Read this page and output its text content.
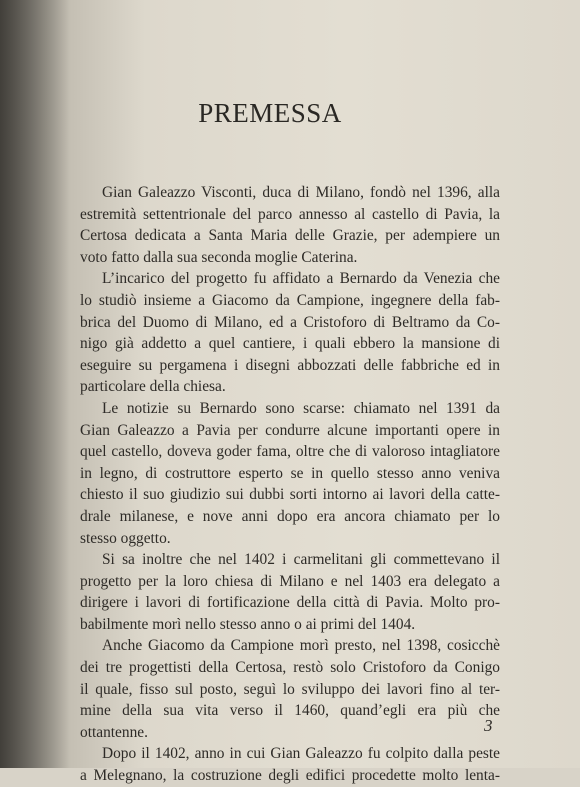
PREMESSA
Gian Galeazzo Visconti, duca di Milano, fondò nel 1396, alla
estremità settentrionale del parco annesso al castello di Pavia, la
Certosa dedicata a Santa Maria delle Grazie, per adempiere un
voto fatto dalla sua seconda moglie Caterina.
L’incarico del progetto fu affidato a Bernardo da Venezia che
lo studiò insieme a Giacomo da Campione, ingegnere della fab-
brica del Duomo di Milano, ed a Cristoforo di Beltramo da Co-
nigo già addetto a quel cantiere, i quali ebbero la mansione di
eseguire su pergamena i disegni abbozzati delle fabbriche ed in
particolare della chiesa.
Le notizie su Bernardo sono scarse: chiamato nel 1391 da
Gian Galeazzo a Pavia per condurre alcune importanti opere in
quel castello, doveva goder fama, oltre che di valoroso intagliatore
in legno, di costruttore esperto se in quello stesso anno veniva
chiesto il suo giudizio sui dubbi sorti intorno ai lavori della catte-
drale milanese, e nove anni dopo era ancora chiamato per lo
stesso oggetto.
Si sa inoltre che nel 1402 i carmelitani gli commettevano il
progetto per la loro chiesa di Milano e nel 1403 era delegato a
dirigere i lavori di fortificazione della città di Pavia. Molto pro-
babilmente morì nello stesso anno o ai primi del 1404.
Anche Giacomo da Campione morì presto, nel 1398, cosicchè
dei tre progettisti della Certosa, restò solo Cristoforo da Conigo
il quale, fisso sul posto, seguì lo sviluppo dei lavori fino al ter-
mine della sua vita verso il 1460, quand’egli era più che
ottantenne.
Dopo il 1402, anno in cui Gian Galeazzo fu colpito dalla peste
a Melegnano, la costruzione degli edifici procedette molto lenta-
3
